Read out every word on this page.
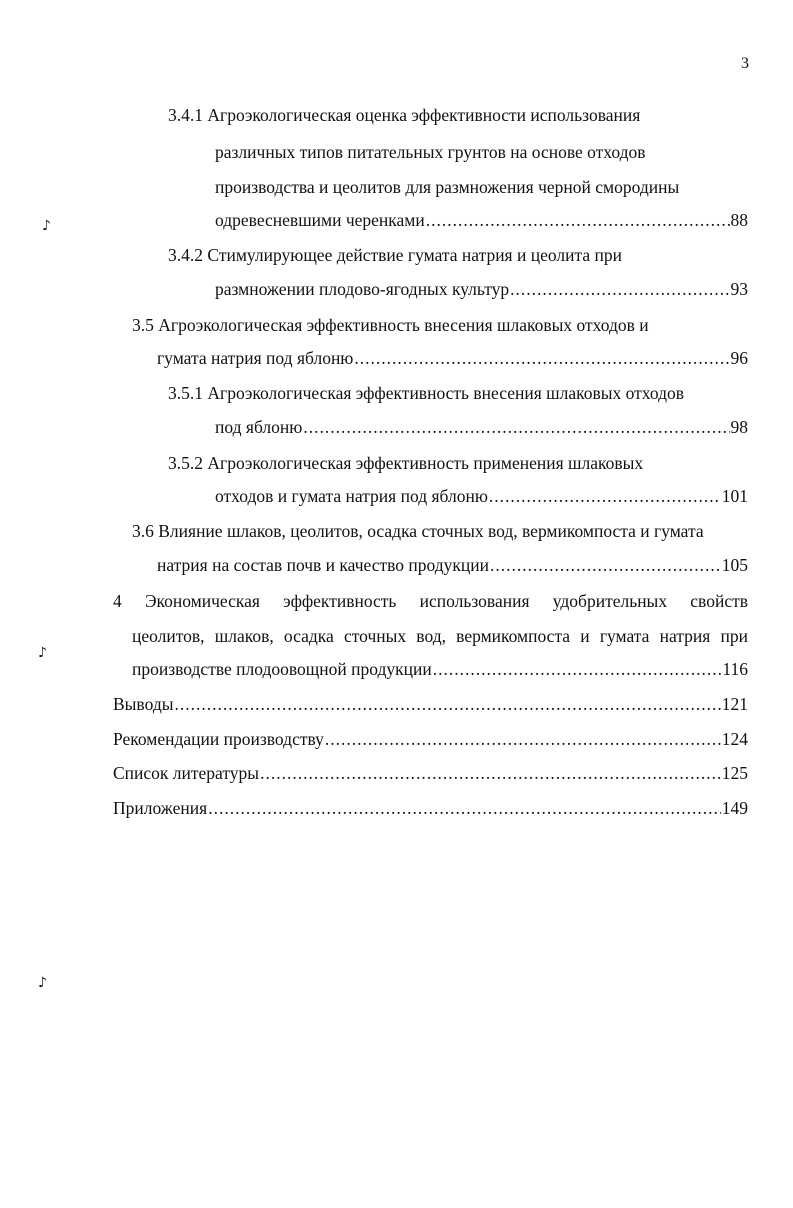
3
3.4.1 Агроэкологическая оценка эффективности использования
различных типов питательных грунтов на основе отходов
производства и цеолитов для размножения черной смородины
одревесневшими черенками .....	88
3.4.2 Стимулирующее действие гумата натрия и цеолита при
размножении плодово-ягодных культур .....	93
3.5 Агроэкологическая эффективность внесения шлаковых отходов и
гумата натрия под яблоню .....	96
3.5.1 Агроэкологическая эффективность внесения шлаковых отходов
под яблоню .....	98
3.5.2 Агроэкологическая эффективность применения шлаковых
отходов и гумата натрия под яблоню .....	101
3.6 Влияние шлаков, цеолитов, осадка сточных вод, вермикомпоста и гумата
натрия на состав почв и качество продукции .....	105
4 Экономическая эффективность использования удобрительных свойств
цеолитов, шлаков, осадка сточных вод, вермикомпоста и гумата натрия при
производстве плодоовощной продукции .....	116
Выводы .....	121
Рекомендации производству .....	124
Список литературы .....	125
Приложения .....	149
♪
♪
♪
